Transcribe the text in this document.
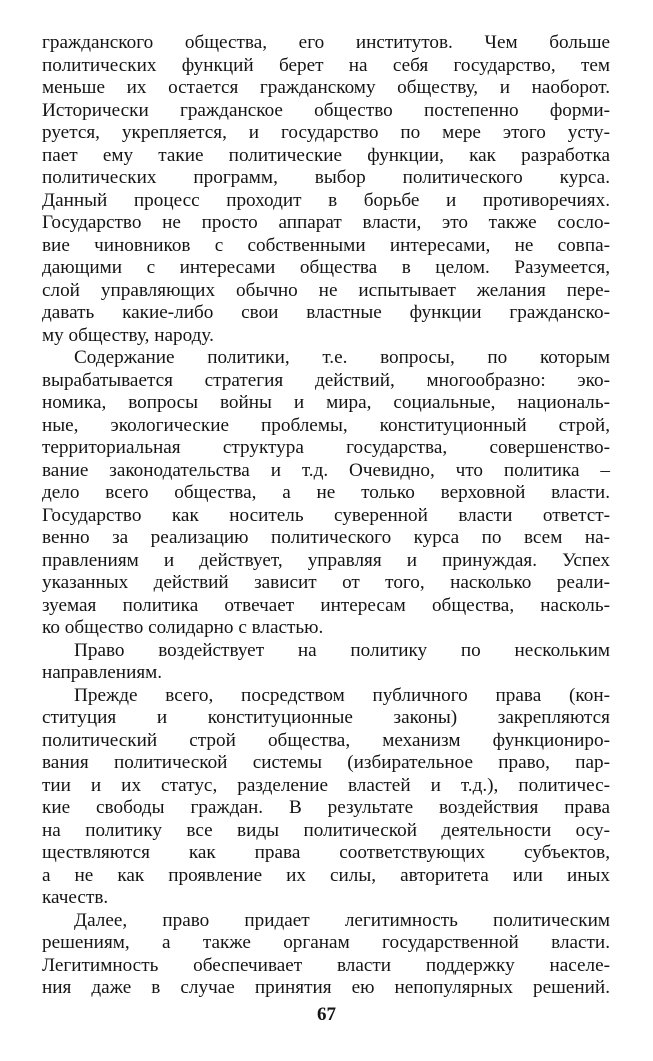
гражданского общества, его институтов. Чем больше
политических функций берет на себя государство, тем
меньше их остается гражданскому обществу, и наоборот.
Исторически гражданское общество постепенно форми-
руется, укрепляется, и государство по мере этого усту-
пает ему такие политические функции, как разработка
политических программ, выбор политического курса.
Данный процесс проходит в борьбе и противоречиях.
Государство не просто аппарат власти, это также сосло-
вие чиновников с собственными интересами, не совпа-
дающими с интересами общества в целом. Разумеется,
слой управляющих обычно не испытывает желания пере-
давать какие-либо свои властные функции гражданско-
му обществу, народу.
Содержание политики, т.е. вопросы, по которым
вырабатывается стратегия действий, многообразно: эко-
номика, вопросы войны и мира, социальные, националь-
ные, экологические проблемы, конституционный строй,
территориальная структура государства, совершенство-
вание законодательства и т.д. Очевидно, что политика –
дело всего общества, а не только верховной власти.
Государство как носитель суверенной власти ответст-
венно за реализацию политического курса по всем на-
правлениям и действует, управляя и принуждая. Успех
указанных действий зависит от того, насколько реали-
зуемая политика отвечает интересам общества, насколь-
ко общество солидарно с властью.
Право воздействует на политику по нескольким
направлениям.
Прежде всего, посредством публичного права (кон-
ституция и конституционные законы) закрепляются
политический строй общества, механизм функциониро-
вания политической системы (избирательное право, пар-
тии и их статус, разделение властей и т.д.), политичес-
кие свободы граждан. В результате воздействия права
на политику все виды политической деятельности осу-
ществляются как права соответствующих субъектов,
а не как проявление их силы, авторитета или иных
качеств.
Далее, право придает легитимность политическим
решениям, а также органам государственной власти.
Легитимность обеспечивает власти поддержку населе-
ния даже в случае принятия ею непопулярных решений.
67
